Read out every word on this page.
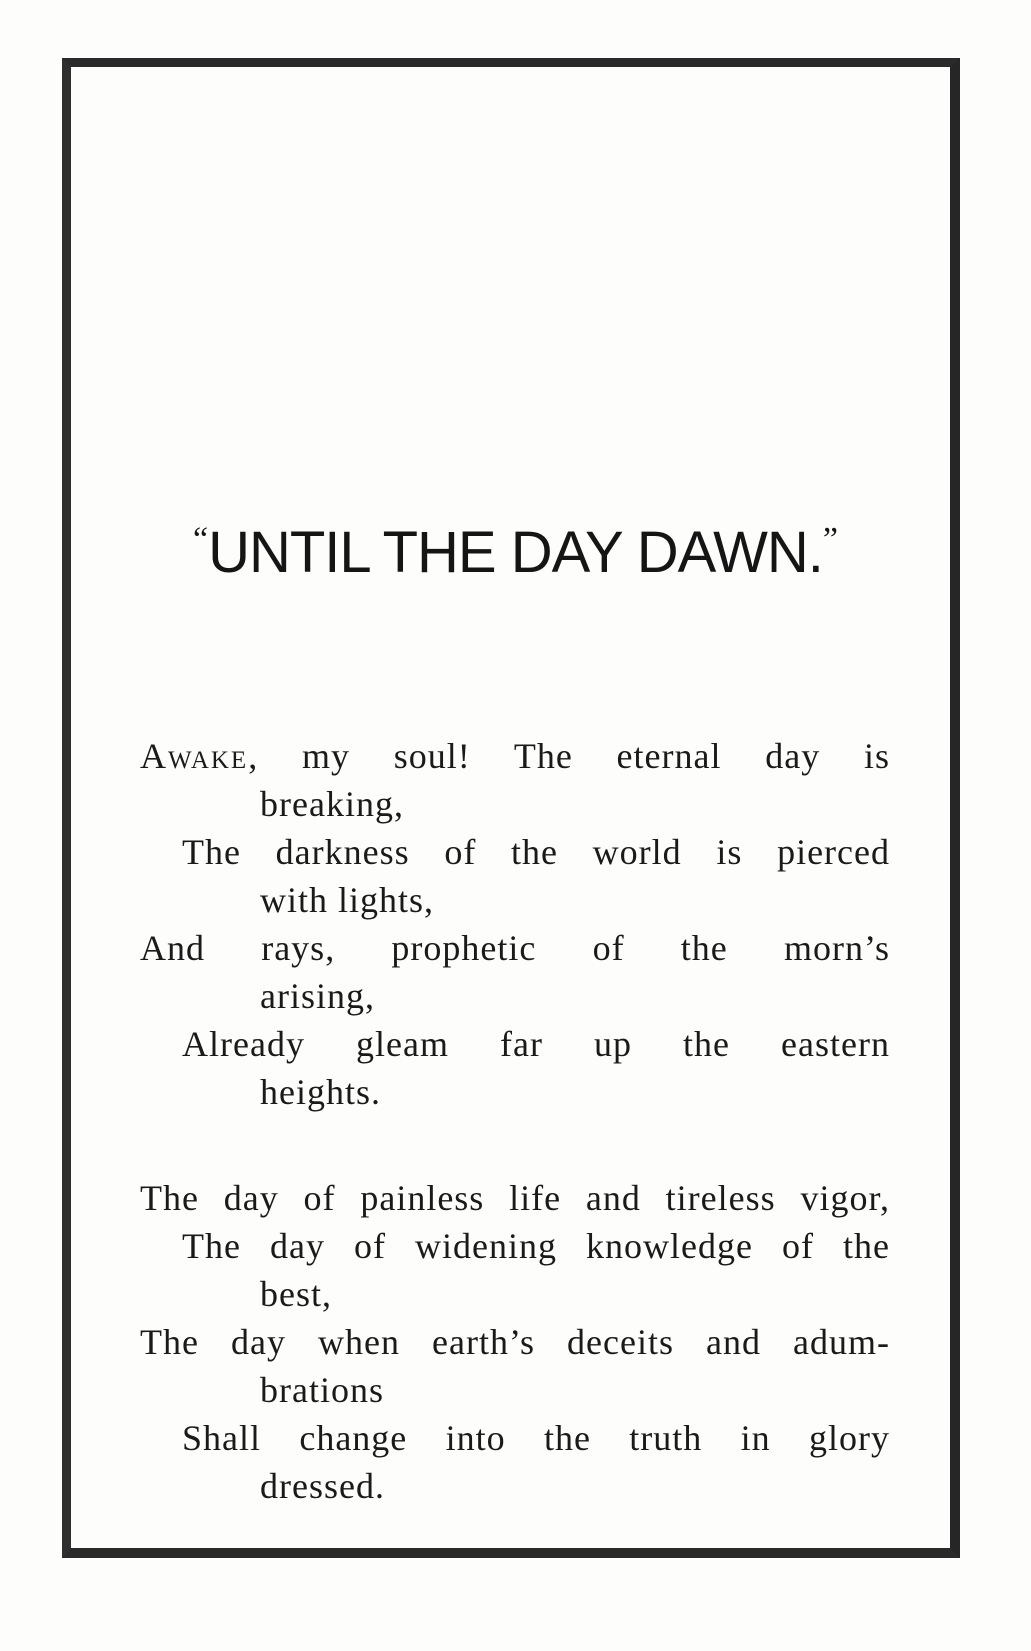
“UNTIL THE DAY DAWN.”
Awake, my soul! The eternal day is
breaking,
The darkness of the world is pierced
with lights,
And rays, prophetic of the morn’s
arising,
Already gleam far up the eastern
heights.
The day of painless life and tireless vigor,
The day of widening knowledge of the
best,
The day when earth’s deceits and adum-
brations
Shall change into the truth in glory
dressed.
